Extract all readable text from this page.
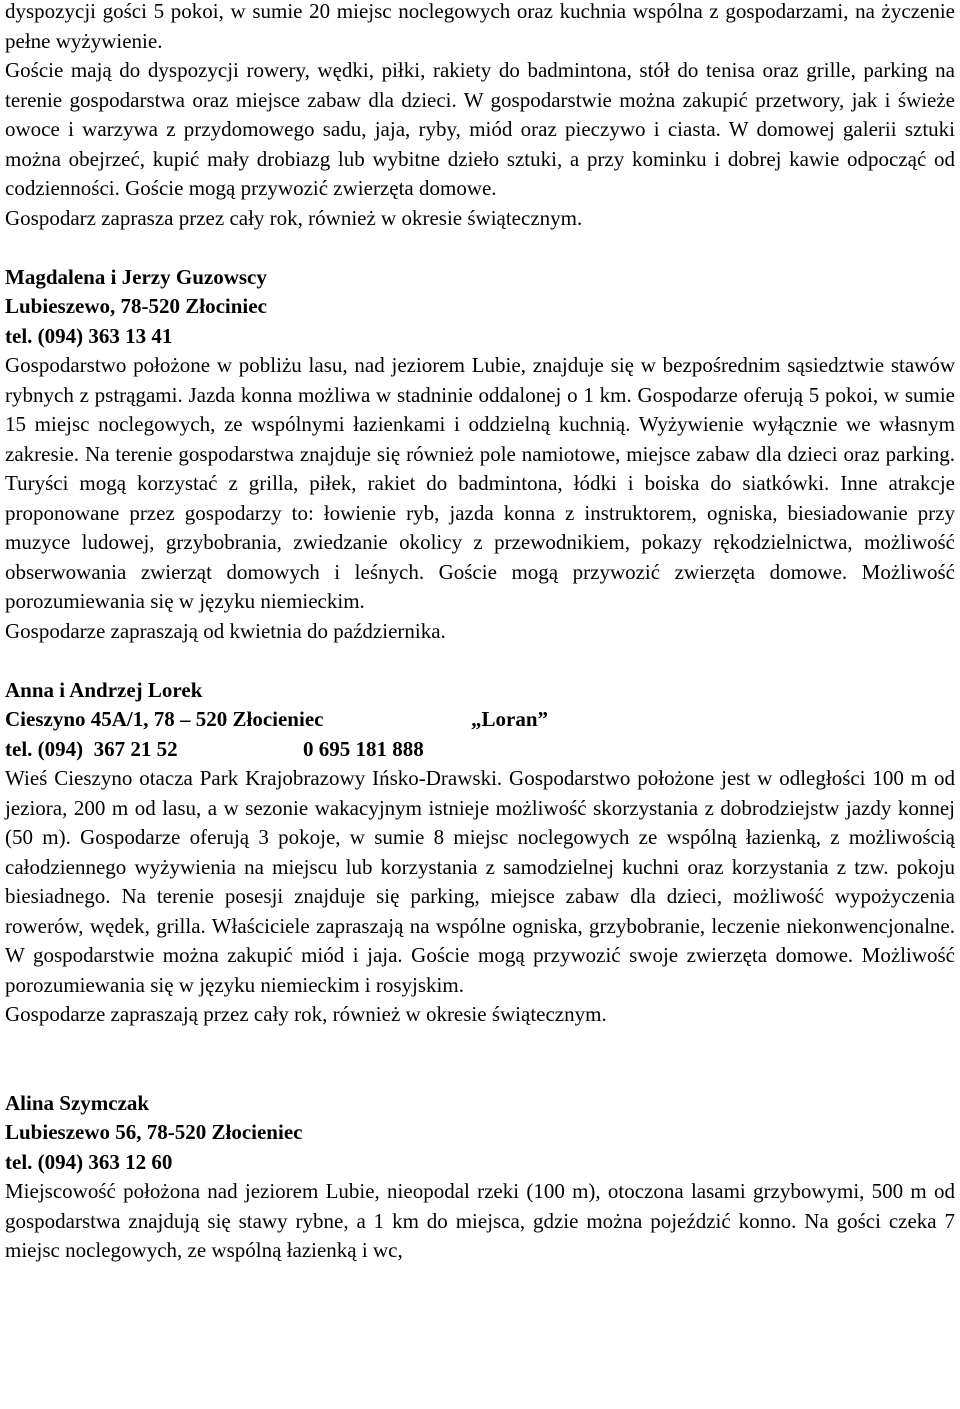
dyspozycji gości 5 pokoi, w sumie 20 miejsc noclegowych oraz kuchnia wspólna z gospodarzami, na życzenie pełne wyżywienie.

Goście mają do dyspozycji rowery, wędki, piłki, rakiety do badmintona, stół do tenisa oraz grille, parking na terenie gospodarstwa oraz miejsce zabaw dla dzieci. W gospodarstwie można zakupić przetwory, jak i świeże owoce i warzywa z przydomowego sadu, jaja, ryby, miód oraz pieczywo i ciasta. W domowej galerii sztuki można obejrzeć, kupić mały drobiazg lub wybitne dzieło sztuki, a przy kominku i dobrej kawie odpocząć od codzienności. Goście mogą przywozić zwierzęta domowe.

Gospodarz zaprasza przez cały rok, również w okresie świątecznym.

Magdalena i Jerzy Guzowscy

Lubieszewo, 78-520 Złociniec

tel. (094) 363 13 41

Gospodarstwo położone w pobliżu lasu, nad jeziorem Lubie, znajduje się w bezpośrednim sąsiedztwie stawów rybnych z pstrągami. Jazda konna możliwa w stadninie oddalonej o 1 km. Gospodarze oferują 5 pokoi, w sumie 15 miejsc noclegowych, ze wspólnymi łazienkami i oddzielną kuchnią. Wyżywienie wyłącznie we własnym zakresie. Na terenie gospodarstwa znajduje się również pole namiotowe, miejsce zabaw dla dzieci oraz parking. Turyści mogą korzystać z grilla, piłek, rakiet do badmintona, łódki i boiska do siatkówki. Inne atrakcje proponowane przez gospodarzy to: łowienie ryb, jazda konna z instruktorem, ogniska, biesiadowanie przy muzyce ludowej, grzybobrania, zwiedzanie okolicy z przewodnikiem, pokazy rękodzielnictwa, możliwość obserwowania zwierząt domowych i leśnych. Goście mogą przywozić zwierzęta domowe. Możliwość porozumiewania się w języku niemieckim.

Gospodarze zapraszają od kwietnia do października.

Anna i Andrzej Lorek

Cieszyno 45A/1, 78 – 520 Złocieniec	„Loran”

tel. (094)  367 21 52	0 695 181 888

Wieś Cieszyno otacza Park Krajobrazowy Ińsko-Drawski. Gospodarstwo położone jest w odległości 100 m od jeziora, 200 m od lasu, a w sezonie wakacyjnym istnieje możliwość skorzystania z dobrodziejstw jazdy konnej (50 m). Gospodarze oferują 3 pokoje, w sumie 8 miejsc noclegowych ze wspólną łazienką, z możliwością całodziennego wyżywienia na miejscu lub korzystania z samodzielnej kuchni oraz korzystania z tzw. pokoju biesiadnego. Na terenie posesji znajduje się parking, miejsce zabaw dla dzieci, możliwość wypożyczenia rowerów, wędek, grilla. Właściciele zapraszają na wspólne ogniska, grzybobranie, leczenie niekonwencjonalne. W gospodarstwie można zakupić miód i jaja. Goście mogą przywozić swoje zwierzęta domowe. Możliwość porozumiewania się w języku niemieckim i rosyjskim.

Gospodarze zapraszają przez cały rok, również w okresie świątecznym.

Alina Szymczak

Lubieszewo 56, 78-520 Złocieniec

tel. (094) 363 12 60

Miejscowość położona nad jeziorem Lubie, nieopodal rzeki (100 m), otoczona lasami grzybowymi, 500 m od gospodarstwa znajdują się stawy rybne, a 1 km do miejsca, gdzie można pojeździć konno. Na gości czeka 7 miejsc noclegowych, ze wspólną łazienką i wc,
